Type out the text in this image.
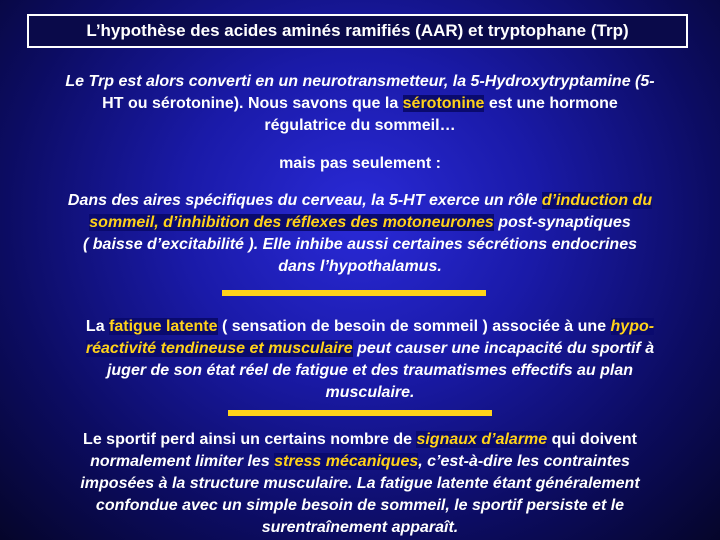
L’hypothèse des acides aminés ramifiés (AAR) et tryptophane (Trp)
Le Trp est alors converti en un neurotransmetteur, la 5-Hydroxytryptamine (5-
HT ou sérotonine). Nous savons que la sérotonine est une hormone
régulatrice du sommeil…
mais pas seulement :
Dans des aires spécifiques du cerveau, la 5-HT exerce un rôle d’induction du
sommeil, d’inhibition des réflexes des motoneurones post-synaptiques
( baisse d’excitabilité ). Elle inhibe aussi certaines sécrétions endocrines
dans l’hypothalamus.
La fatigue latente ( sensation de besoin de sommeil ) associée à une hypo-
réactivité tendineuse et musculaire peut causer une incapacité du sportif à
juger de son état réel de fatigue et des traumatismes effectifs au plan
musculaire.
Le sportif perd ainsi un certains nombre de signaux d’alarme qui doivent
normalement limiter les stress mécaniques, c’est-à-dire les contraintes
imposées à la structure musculaire. La fatigue latente étant généralement
confondue avec un simple besoin de sommeil, le sportif persiste et le
surentraînement apparaît.
